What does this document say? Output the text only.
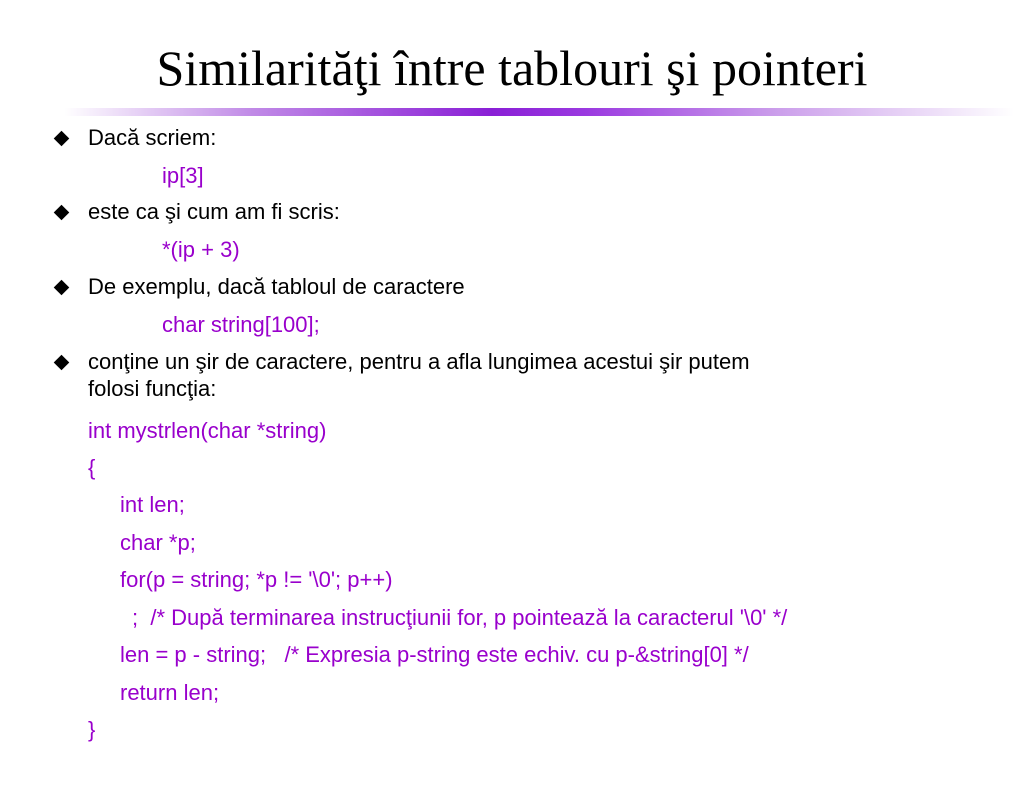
Similarităţi între tablouri şi pointeri
Dacă scriem:
ip[3]
este ca şi cum am fi scris:
*(ip + 3)
De exemplu, dacă tabloul de caractere
char string[100];
conţine un şir de caractere, pentru a afla lungimea acestui şir putem
folosi funcţia:
int mystrlen(char *string)
{
int len;
char *p;
for(p = string; *p != '\0'; p++)
;  /* După terminarea instrucţiunii for, p pointează la caracterul '\0' */
len = p - string;   /* Expresia p-string este echiv. cu p-&string[0] */
return len;
}
